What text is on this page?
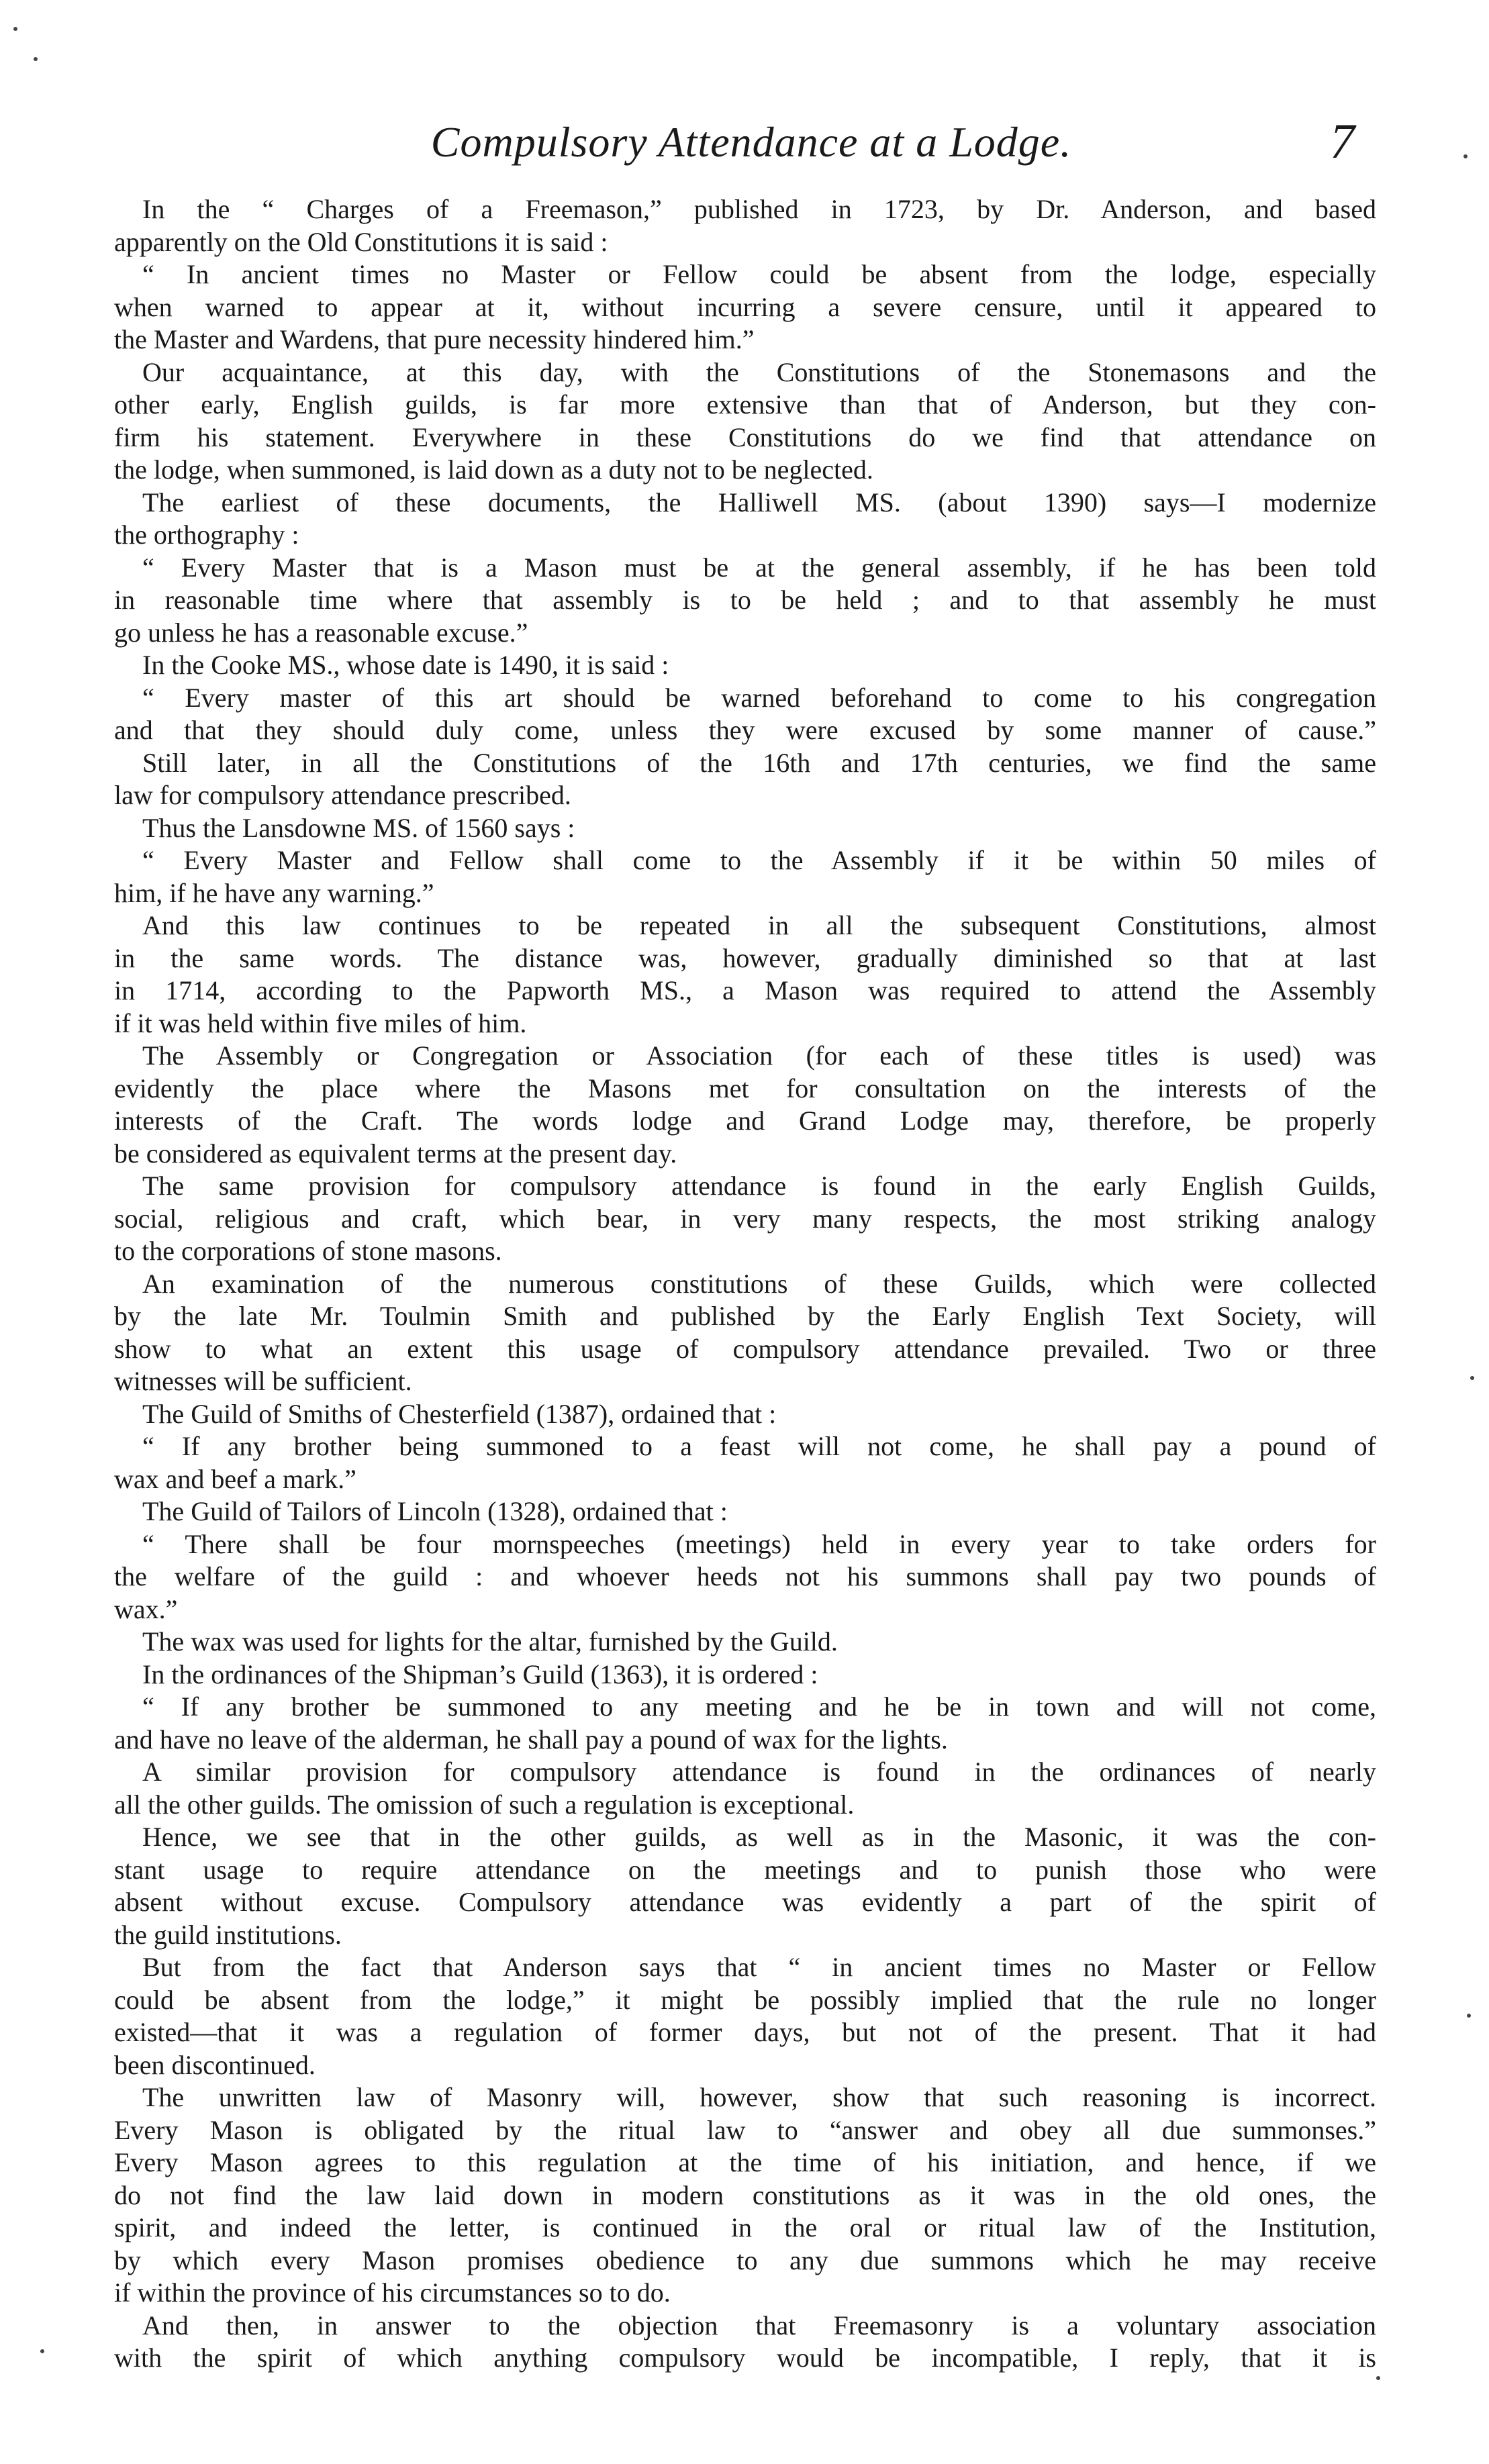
Compulsory Attendance at a Lodge.	7
In the “ Charges of a Freemason,” published in 1723, by Dr. Anderson, and based
apparently on the Old Constitutions it is said :
“ In ancient times no Master or Fellow could be absent from the lodge, especially
when warned to appear at it, without incurring a severe censure, until it appeared to
the Master and Wardens, that pure necessity hindered him.”
Our acquaintance, at this day, with the Constitutions of the Stonemasons and the
other early, English guilds, is far more extensive than that of Anderson, but they con-
firm his statement. Everywhere in these Constitutions do we find that attendance on
the lodge, when summoned, is laid down as a duty not to be neglected.
The earliest of these documents, the Halliwell MS. (about 1390) says—I modernize
the orthography :
“ Every Master that is a Mason must be at the general assembly, if he has been told
in reasonable time where that assembly is to be held ; and to that assembly he must
go unless he has a reasonable excuse.”
In the Cooke MS., whose date is 1490, it is said :
“ Every master of this art should be warned beforehand to come to his congregation
and that they should duly come, unless they were excused by some manner of cause.”
Still later, in all the Constitutions of the 16th and 17th centuries, we find the same
law for compulsory attendance prescribed.
Thus the Lansdowne MS. of 1560 says :
“ Every Master and Fellow shall come to the Assembly if it be within 50 miles of
him, if he have any warning.”
And this law continues to be repeated in all the subsequent Constitutions, almost
in the same words. The distance was, however, gradually diminished so that at last
in 1714, according to the Papworth MS., a Mason was required to attend the Assembly
if it was held within five miles of him.
The Assembly or Congregation or Association (for each of these titles is used) was
evidently the place where the Masons met for consultation on the interests of the
interests of the Craft. The words lodge and Grand Lodge may, therefore, be properly
be considered as equivalent terms at the present day.
The same provision for compulsory attendance is found in the early English Guilds,
social, religious and craft, which bear, in very many respects, the most striking analogy
to the corporations of stone masons.
An examination of the numerous constitutions of these Guilds, which were collected
by the late Mr. Toulmin Smith and published by the Early English Text Society, will
show to what an extent this usage of compulsory attendance prevailed. Two or three
witnesses will be sufficient.
The Guild of Smiths of Chesterfield (1387), ordained that :
“ If any brother being summoned to a feast will not come, he shall pay a pound of
wax and beef a mark.”
The Guild of Tailors of Lincoln (1328), ordained that :
“ There shall be four mornspeeches (meetings) held in every year to take orders for
the welfare of the guild : and whoever heeds not his summons shall pay two pounds of
wax.”
The wax was used for lights for the altar, furnished by the Guild.
In the ordinances of the Shipman’s Guild (1363), it is ordered :
“ If any brother be summoned to any meeting and he be in town and will not come,
and have no leave of the alderman, he shall pay a pound of wax for the lights.
A similar provision for compulsory attendance is found in the ordinances of nearly
all the other guilds. The omission of such a regulation is exceptional.
Hence, we see that in the other guilds, as well as in the Masonic, it was the con-
stant usage to require attendance on the meetings and to punish those who were
absent without excuse. Compulsory attendance was evidently a part of the spirit of
the guild institutions.
But from the fact that Anderson says that “ in ancient times no Master or Fellow
could be absent from the lodge,” it might be possibly implied that the rule no longer
existed—that it was a regulation of former days, but not of the present. That it had
been discontinued.
The unwritten law of Masonry will, however, show that such reasoning is incorrect.
Every Mason is obligated by the ritual law to “answer and obey all due summonses.”
Every Mason agrees to this regulation at the time of his initiation, and hence, if we
do not find the law laid down in modern constitutions as it was in the old ones, the
spirit, and indeed the letter, is continued in the oral or ritual law of the Institution,
by which every Mason promises obedience to any due summons which he may receive
if within the province of his circumstances so to do.
And then, in answer to the objection that Freemasonry is a voluntary association
with the spirit of which anything compulsory would be incompatible, I reply, that it is
